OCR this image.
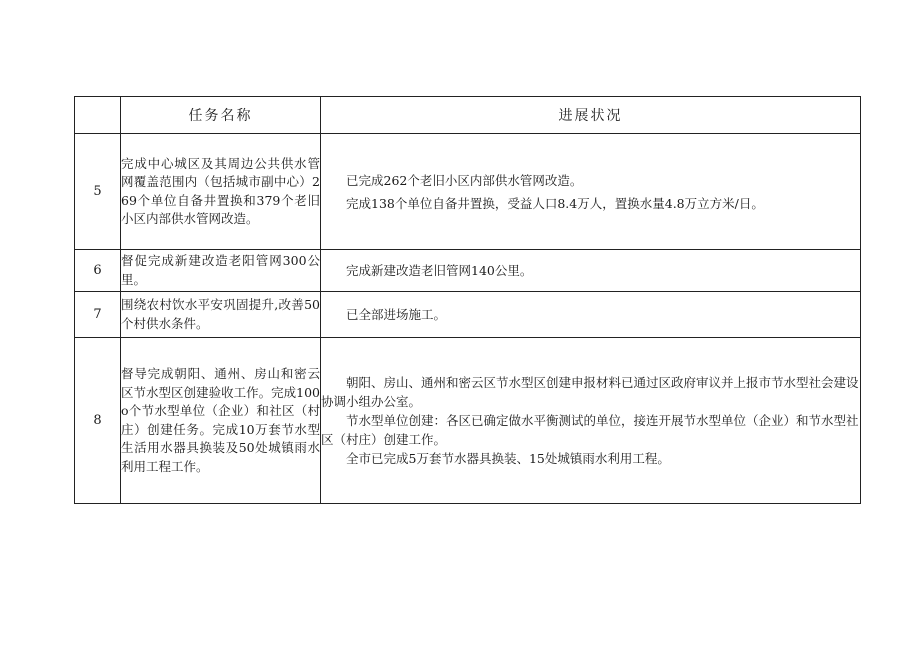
	任务名称	进展状况
5	完成中心城区及其周边公共供水管网覆盖范围内（包括城市副中心）269个单位自备井置换和379个老旧小区内部供水管网改造。	已完成262个老旧小区内部供水管网改造。

完成138个单位自备井置换，受益人口8.4万人，置换水量4.8万立方米/日。

6	督促完成新建改造老阳管网300公里。	完成新建改造老旧管网140公里。

7	围绕农村饮水平安巩固提升,改善50个村供水条件。	已全部进场施工。

8	督导完成朝阳、通州、房山和密云区节水型区创建验收工作。完成100o个节水型单位（企业）和社区（村庄）创建任务。完成10万套节水型生活用水器具换装及50处城镇雨水利用工程工作。	朝阳、房山、通州和密云区节水型区创建申报材料已通过区政府审议并上报市节水型社会建设协调小组办公室。

节水型单位创建：各区已确定做水平衡测试的单位，接连开展节水型单位（企业）和节水型社区（村庄）创建工作。

全市已完成5万套节水器具换装、15处城镇雨水利用工程。
